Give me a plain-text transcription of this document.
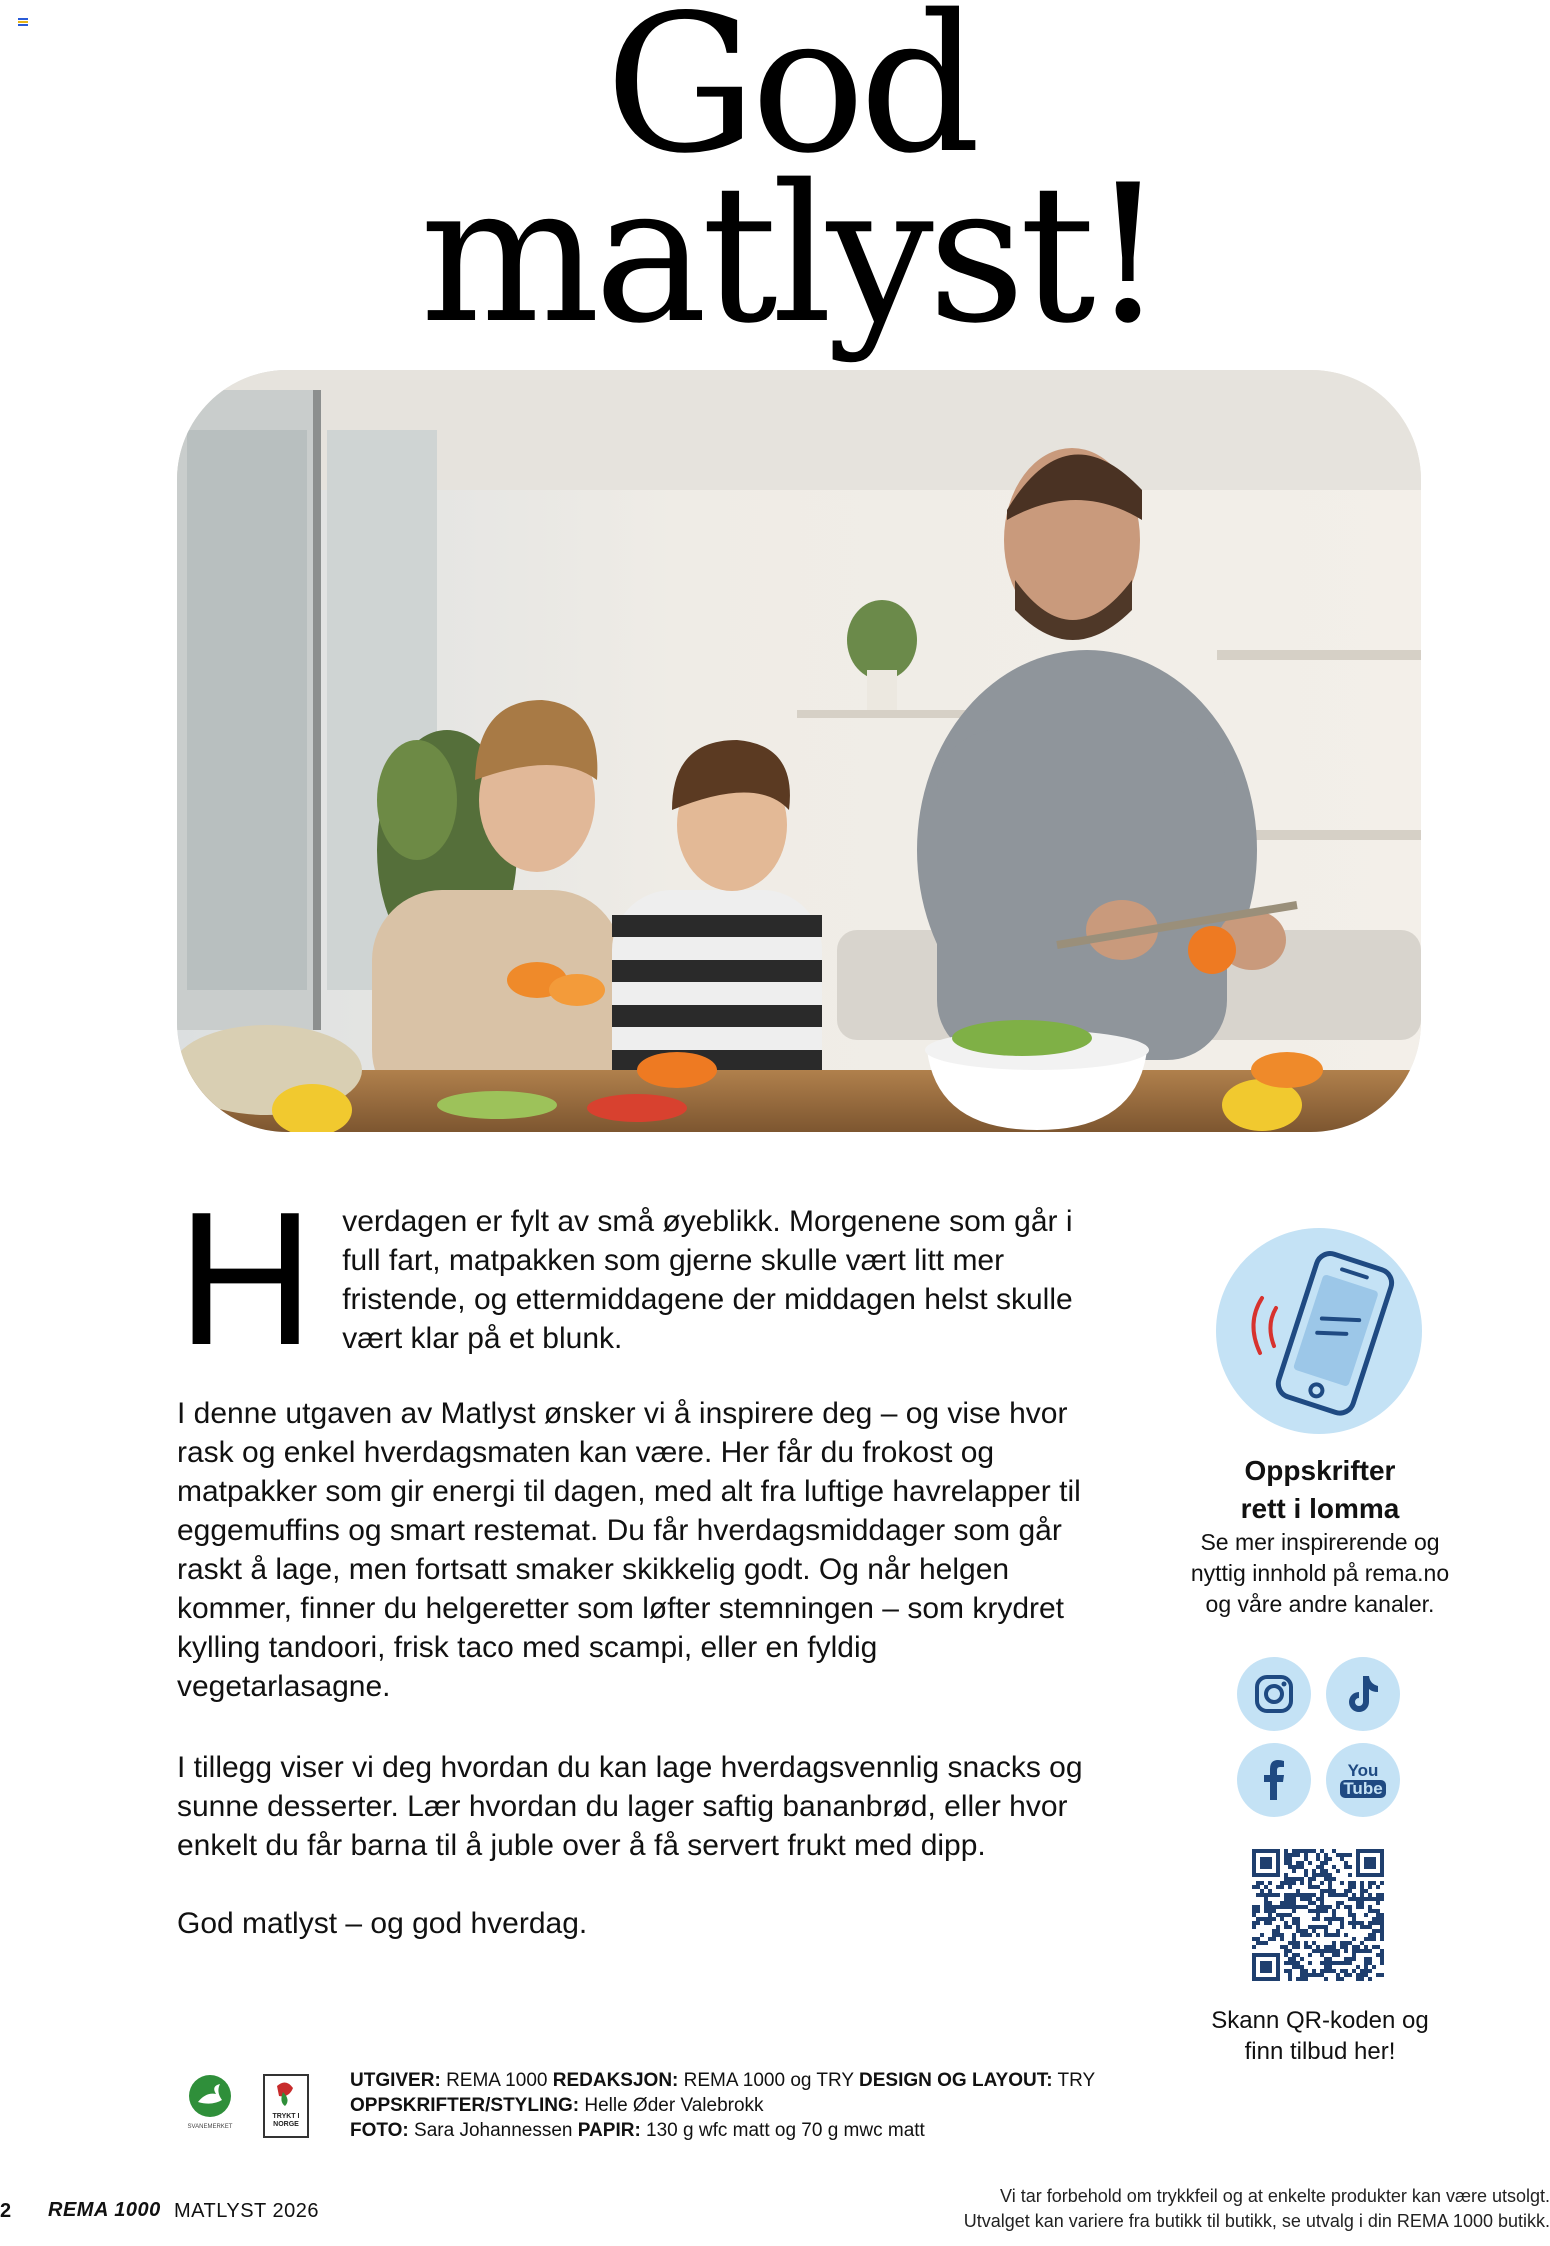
God
matlyst!
H verdagen er fylt av små øyeblikk. Morgenene som går i full fart, matpakken som gjerne skulle vært litt mer fristende, og ettermiddagene der middagen helst skulle vært klar på et blunk.

I denne utgaven av Matlyst ønsker vi å inspirere deg – og vise hvor rask og enkel hverdagsmaten kan være. Her får du frokost og matpakker som gir energi til dagen, med alt fra luftige havrelapper til eggemuffins og smart restemat. Du får hverdagsmiddager som går raskt å lage, men fortsatt smaker skikkelig godt. Og når helgen kommer, finner du helgeretter som løfter stemningen – som krydret kylling tandoori, frisk taco med scampi, eller en fyldig vegetarlasagne.

I tillegg viser vi deg hvordan du kan lage hverdagsvennlig snacks og sunne desserter. Lær hvordan du lager saftig bananbrød, eller hvor enkelt du får barna til å juble over å få servert frukt med dipp.

God matlyst – og god hverdag.

Oppskrifter
rett i lomma
Se mer inspirerende og
nyttig innhold på rema.no
og våre andre kanaler.
You
Tube
Skann QR-koden og
finn tilbud her!
SVANEMERKET
TRYKT I
NORGE
UTGIVER: REMA 1000 REDAKSJON: REMA 1000 og TRY DESIGN OG LAYOUT: TRY
OPPSKRIFTER/STYLING: Helle Øder Valebrokk
FOTO: Sara Johannessen PAPIR: 130 g wfc matt og 70 g mwc matt
2 REMA 1000 MATLYST 2026
Vi tar forbehold om trykkfeil og at enkelte produkter kan være utsolgt.
Utvalget kan variere fra butikk til butikk, se utvalg i din REMA 1000 butikk.
